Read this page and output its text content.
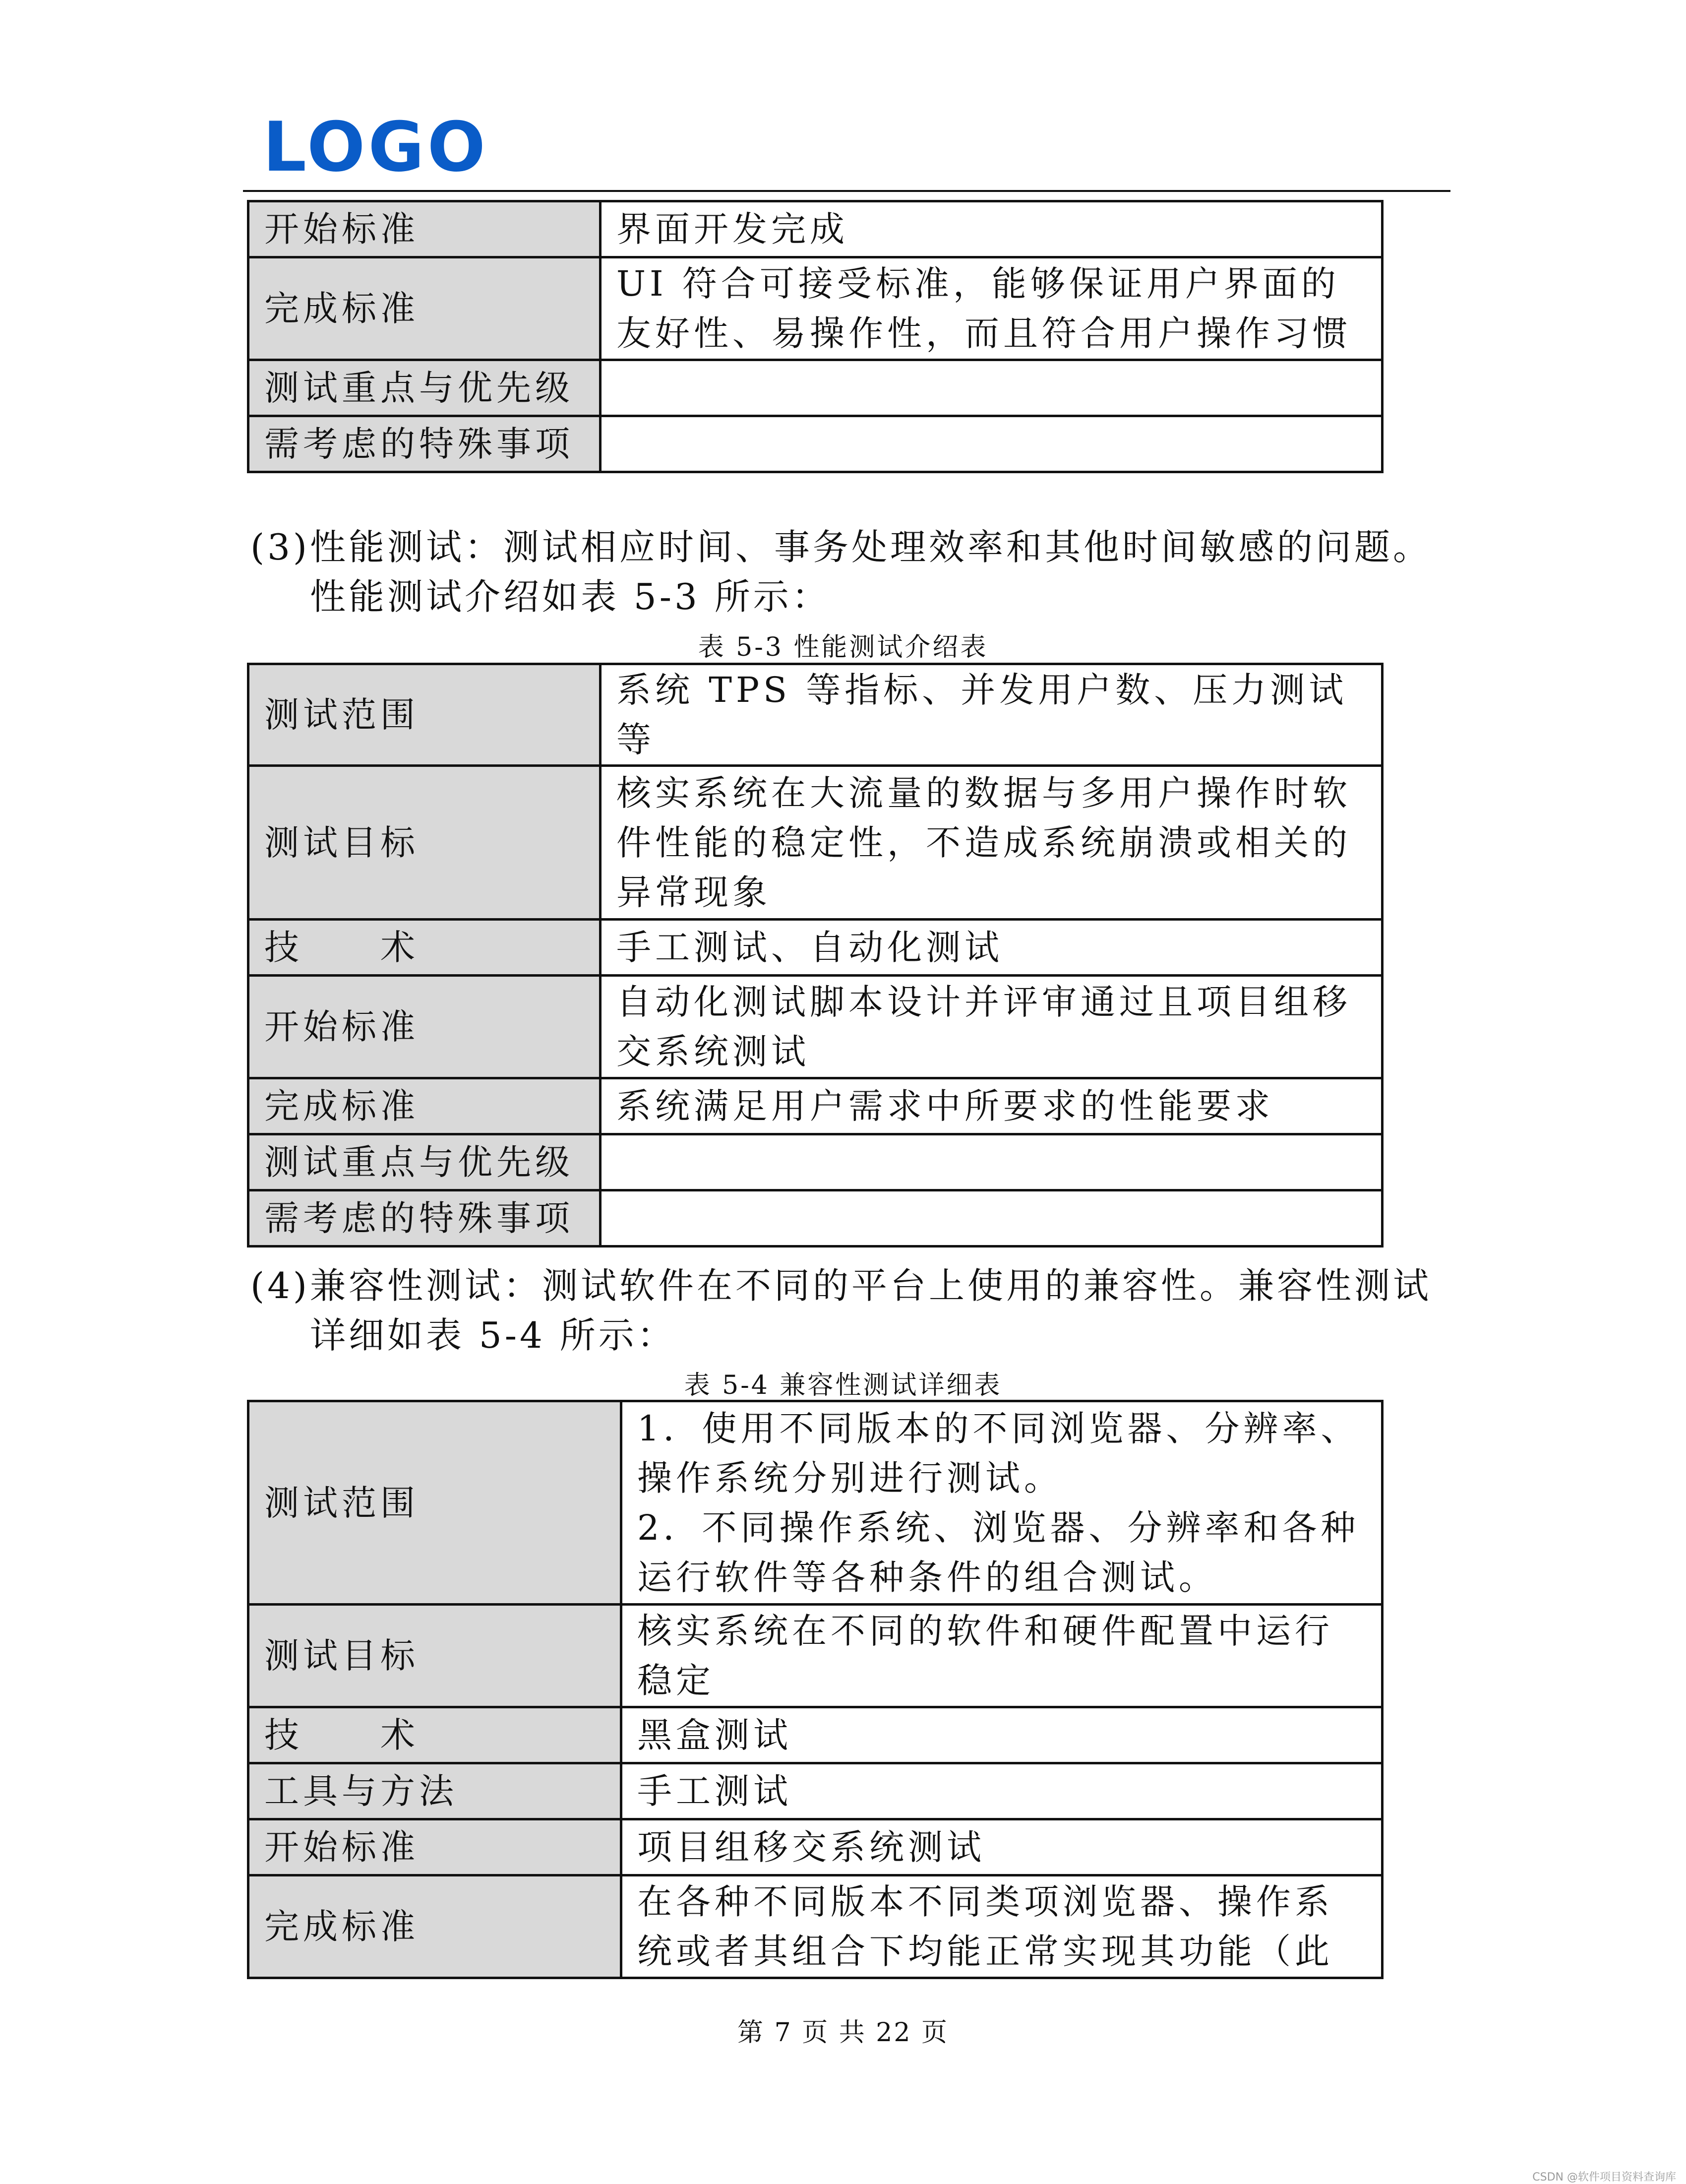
LOGO
开始标准	界面开发完成
完成标准	UI 符合可接受标准，能够保证用户界面的友好性、易操作性，而且符合用户操作习惯
测试重点与优先级	
需考虑的特殊事项	

(3)性能测试：测试相应时间、事务处理效率和其他时间敏感的问题。
性能测试介绍如表 5-3 所示：

表 5-3 性能测试介绍表

测试范围	系统 TPS 等指标、并发用户数、压力测试等
测试目标	核实系统在大流量的数据与多用户操作时软件性能的稳定性，不造成系统崩溃或相关的异常现象
技　　术	手工测试、自动化测试
开始标准	自动化测试脚本设计并评审通过且项目组移交系统测试
完成标准	系统满足用户需求中所要求的性能要求
测试重点与优先级	
需考虑的特殊事项	

(4)兼容性测试：测试软件在不同的平台上使用的兼容性。兼容性测试
详细如表 5-4 所示：

表 5-4 兼容性测试详细表

测试范围	1．使用不同版本的不同浏览器、分辨率、操作系统分别进行测试。
2．不同操作系统、浏览器、分辨率和各种运行软件等各种条件的组合测试。

测试目标	核实系统在不同的软件和硬件配置中运行稳定
技　　术	黑盒测试
工具与方法	手工测试
开始标准	项目组移交系统测试
完成标准	在各种不同版本不同类项浏览器、操作系统或者其组合下均能正常实现其功能（此
第 7 页 共 22 页
CSDN @软件项目资料查询库
